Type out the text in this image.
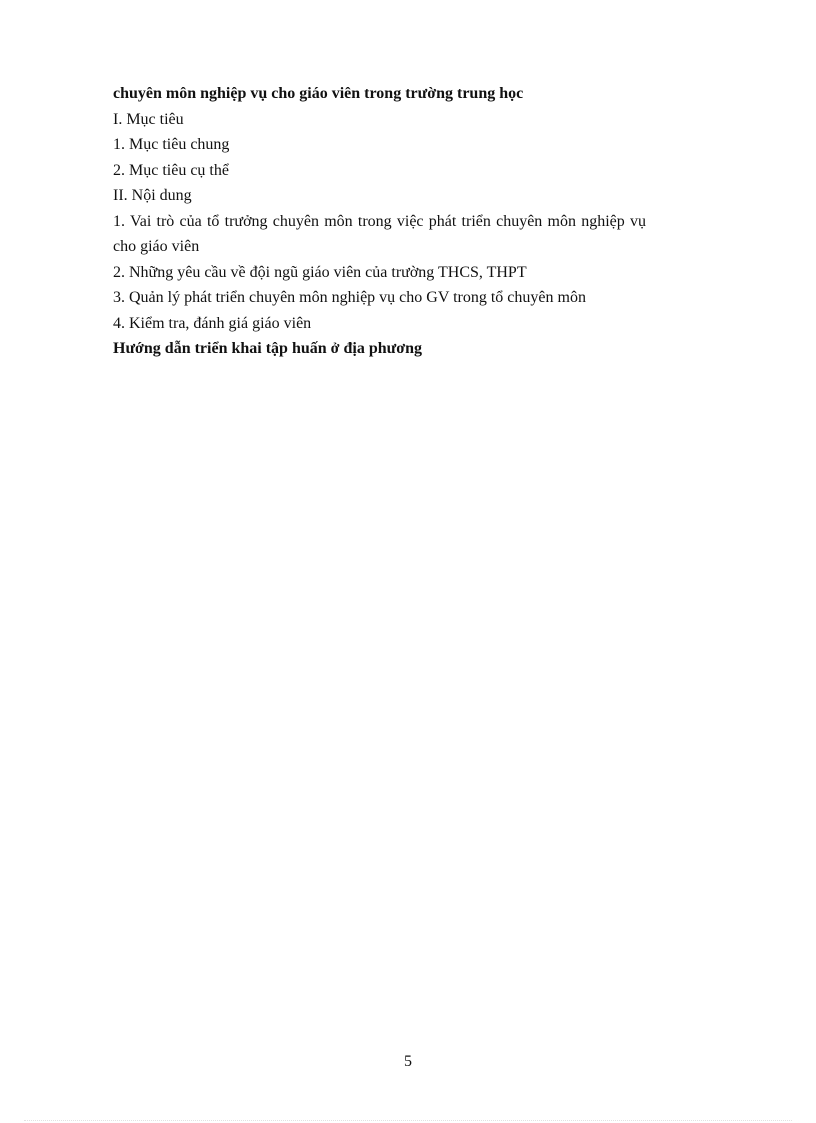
chuyên môn nghiệp vụ cho giáo viên trong trường trung học

I. Mục tiêu

1. Mục tiêu chung

2. Mục tiêu cụ thể

II. Nội dung

1. Vai trò của tổ trưởng chuyên môn trong việc phát triển chuyên môn nghiệp vụ cho giáo viên

2. Những yêu cầu về đội ngũ giáo viên của trường THCS, THPT

3. Quản lý phát triển chuyên môn nghiệp vụ cho GV trong tổ chuyên môn

4. Kiểm tra, đánh giá giáo viên

Hướng dẫn triển khai tập huấn ở địa phương

5
